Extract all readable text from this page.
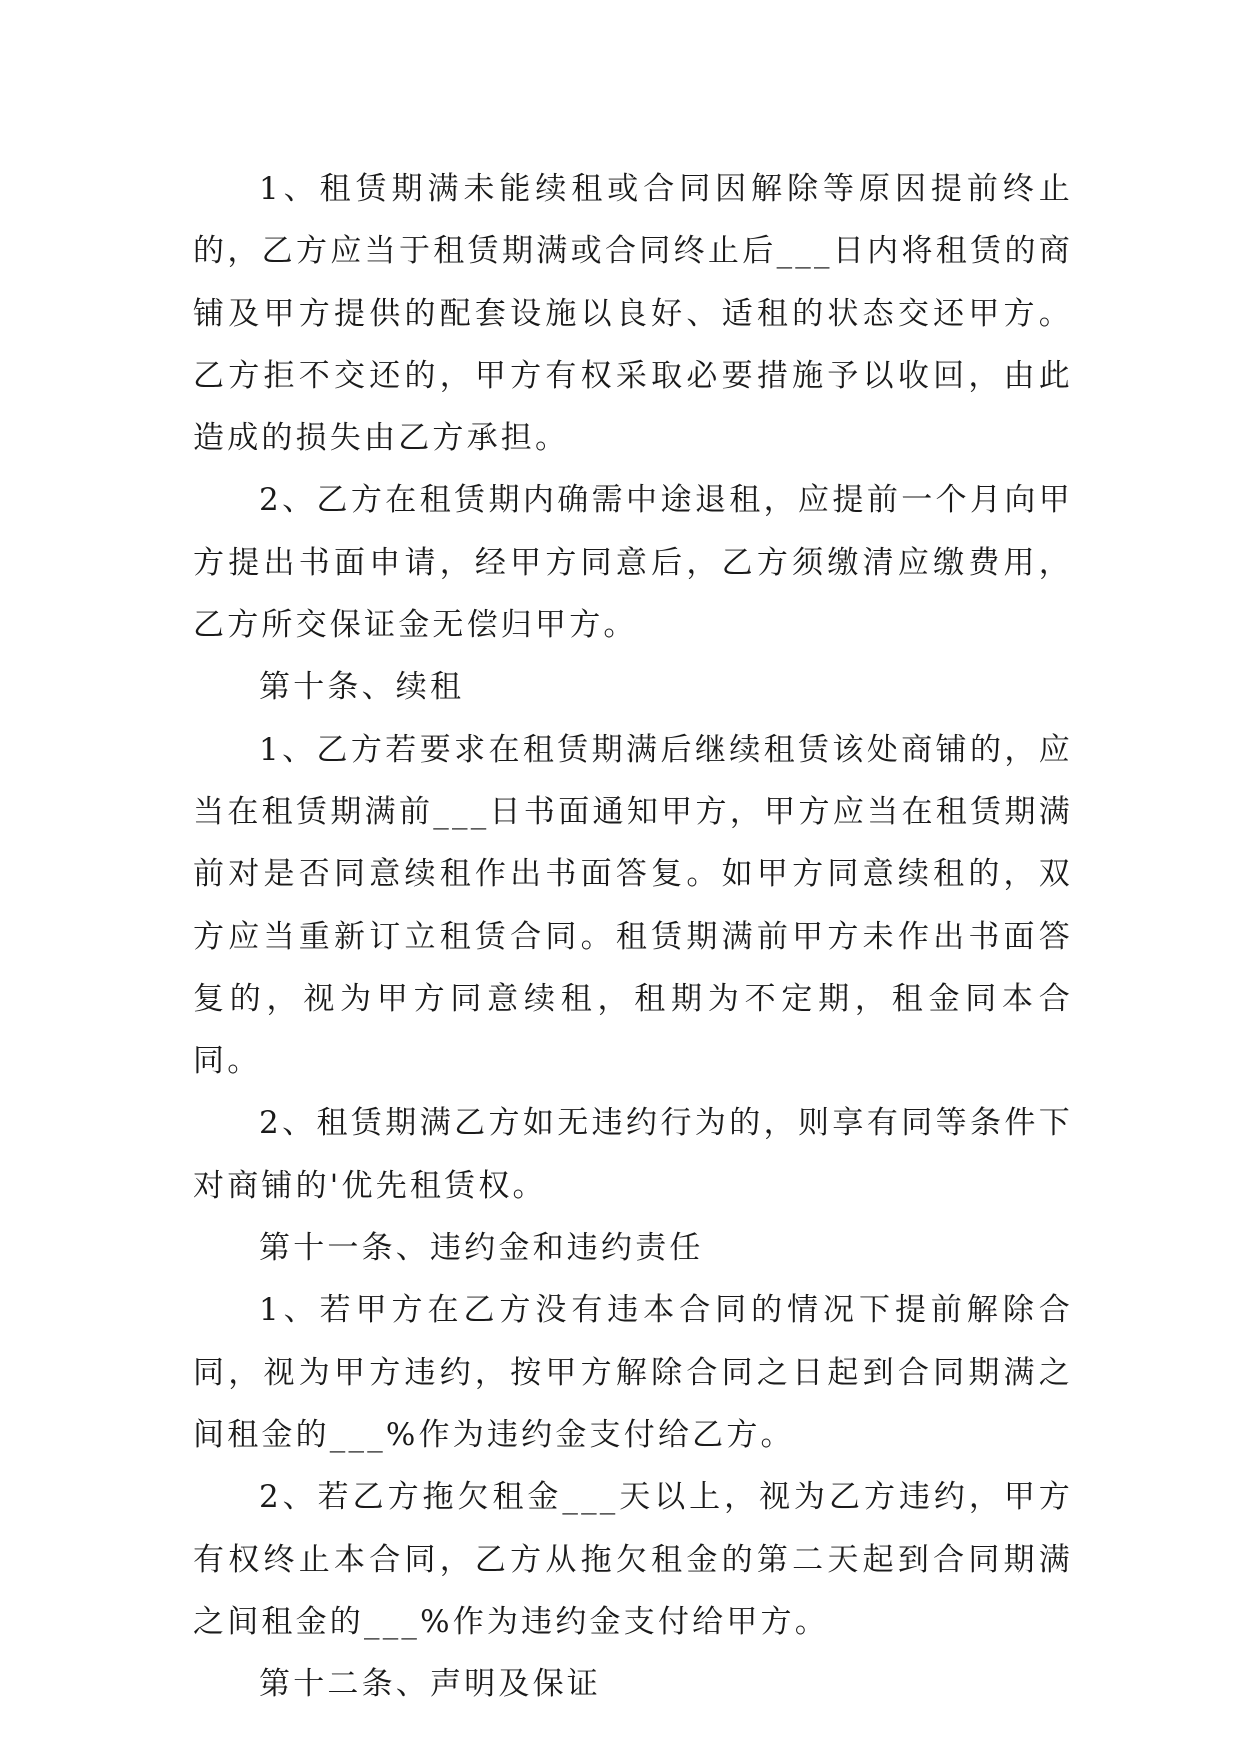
1、租赁期满未能续租或合同因解除等原因提前终止的，乙方应当于租赁期满或合同终止后___日内将租赁的商铺及甲方提供的配套设施以良好、适租的状态交还甲方。乙方拒不交还的，甲方有权采取必要措施予以收回，由此造成的损失由乙方承担。

2、乙方在租赁期内确需中途退租，应提前一个月向甲方提出书面申请，经甲方同意后，乙方须缴清应缴费用，乙方所交保证金无偿归甲方。

第十条、续租

1、乙方若要求在租赁期满后继续租赁该处商铺的，应当在租赁期满前___日书面通知甲方，甲方应当在租赁期满前对是否同意续租作出书面答复。如甲方同意续租的，双方应当重新订立租赁合同。租赁期满前甲方未作出书面答复的，视为甲方同意续租，租期为不定期，租金同本合同。

2、租赁期满乙方如无违约行为的，则享有同等条件下对商铺的'优先租赁权。

第十一条、违约金和违约责任

1、若甲方在乙方没有违本合同的情况下提前解除合同，视为甲方违约，按甲方解除合同之日起到合同期满之间租金的___%作为违约金支付给乙方。

2、若乙方拖欠租金___天以上，视为乙方违约，甲方有权终止本合同，乙方从拖欠租金的第二天起到合同期满之间租金的___%作为违约金支付给甲方。

第十二条、声明及保证
